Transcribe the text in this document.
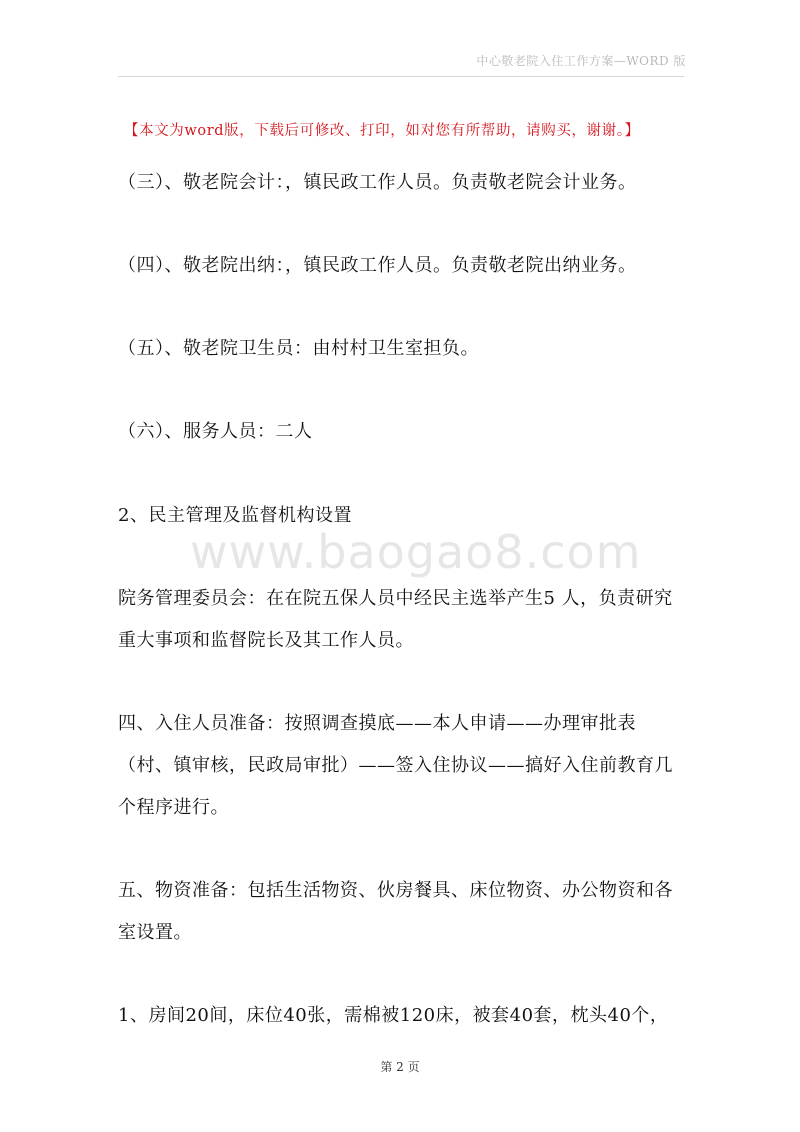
中心敬老院入住工作方案—WORD 版
【本文为word版，下载后可修改、打印，如对您有所帮助，请购买，谢谢。】
（三）、敬老院会计：，镇民政工作人员。负责敬老院会计业务。
（四）、敬老院出纳：，镇民政工作人员。负责敬老院出纳业务。
（五）、敬老院卫生员：由村村卫生室担负。
（六）、服务人员：二人
2、民主管理及监督机构设置
www.baogao8.com
院务管理委员会：在在院五保人员中经民主选举产生5 人，负责研究重大事项和监督院长及其工作人员。
四、入住人员准备：按照调查摸底——本人申请——办理审批表（村、镇审核，民政局审批）——签入住协议——搞好入住前教育几个程序进行。
五、物资准备：包括生活物资、伙房餐具、床位物资、办公物资和各室设置。
1、房间20间，床位40张，需棉被120床，被套40套，枕头40个，
第 2 页
